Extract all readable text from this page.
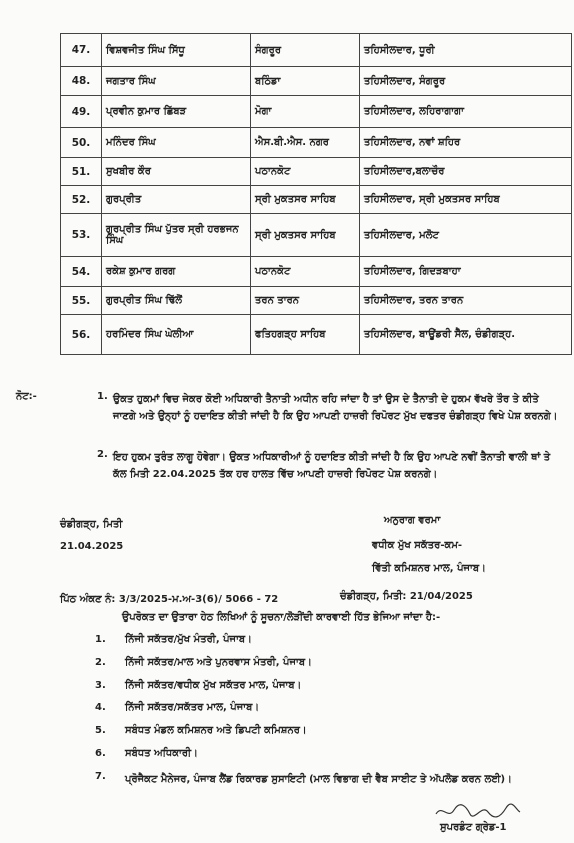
47.	ਵਿਸ਼ਵਜੀਤ ਸਿੰਘ ਸਿੱਧੂ	ਸੰਗਰੂਰ	ਤਹਿਸੀਲਦਾਰ, ਧੂਰੀ
48.	ਜਗਤਾਰ ਸਿੰਘ	ਬਠਿੰਡਾ	ਤਹਿਸੀਲਦਾਰ, ਸੰਗਰੂਰ
49.	ਪ੍ਰਵੀਨ ਕੁਮਾਰ ਛਿੱਬੜ	ਮੋਗਾ	ਤਹਿਸੀਲਦਾਰ, ਲਹਿਰਾਗਾਗਾ
50.	ਮਨਿੰਦਰ ਸਿੰਘ	ਐਸ.ਬੀ.ਐਸ. ਨਗਰ	ਤਹਿਸੀਲਦਾਰ, ਨਵਾਂ ਸ਼ਹਿਰ
51.	ਸੁਖਬੀਰ ਕੌਰ	ਪਠਾਨਕੋਟ	ਤਹਿਸੀਲਦਾਰ,ਬਲਾਚੌਰ
52.	ਗੁਰਪ੍ਰੀਤ	ਸ੍ਰੀ ਮੁਕਤਸਰ ਸਾਹਿਬ	ਤਹਿਸੀਲਦਾਰ, ਸ੍ਰੀ ਮੁਕਤਸਰ ਸਾਹਿਬ
53.	ਗੁਰਪ੍ਰੀਤ ਸਿੰਘ ਪੁੱਤਰ ਸ੍ਰੀ ਹਰਭਜਨ ਸਿੰਘ	ਸ੍ਰੀ ਮੁਕਤਸਰ ਸਾਹਿਬ	ਤਹਿਸੀਲਦਾਰ, ਮਲੋਟ
54.	ਰਕੇਸ਼ ਕੁਮਾਰ ਗਰਗ	ਪਠਾਨਕੋਟ	ਤਹਿਸੀਲਦਾਰ, ਗਿਦੜਬਾਹਾ
55.	ਗੁਰਪ੍ਰੀਤ ਸਿੰਘ ਢਿੱਲੋਂ	ਤਰਨ ਤਾਰਨ	ਤਹਿਸੀਲਦਾਰ, ਤਰਨ ਤਾਰਨ
56.	ਹਰਮਿੰਦਰ ਸਿੰਘ ਘੇਲੀਆ	ਫਤਿਹਗੜ੍ਹ ਸਾਹਿਬ	ਤਹਿਸੀਲਦਾਰ, ਬਾਊਂਡਰੀ ਸੈੱਲ, ਚੰਡੀਗੜ੍ਹ.
ਨੋਟ:-	1. ਉਕਤ ਹੁਕਮਾਂ ਵਿਚ ਜੇਕਰ ਕੋਈ ਅਧਿਕਾਰੀ ਤੈਨਾਤੀ ਅਧੀਨ ਰਹਿ ਜਾਂਦਾ ਹੈ ਤਾਂ ਉਸ ਦੇ ਤੈਨਾਤੀ ਦੇ ਹੁਕਮ ਵੱਖਰੇ ਤੌਰ ਤੇ ਕੀਤੇ ਜਾਣਗੇ ਅਤੇ ਉਨ੍ਹਾਂ ਨੂੰ ਹਦਾਇਤ ਕੀਤੀ ਜਾਂਦੀ ਹੈ ਕਿ ਉਹ ਆਪਣੀ ਹਾਜ਼ਰੀ ਰਿਪੋਰਟ ਮੁੱਖ ਦਫਤਰ ਚੰਡੀਗੜ੍ਹ ਵਿਖੇ ਪੇਸ਼ ਕਰਨਗੇ।
2. ਇਹ ਹੁਕਮ ਤੁਰੰਤ ਲਾਗੂ ਹੋਵੇਗਾ। ਉਕਤ ਅਧਿਕਾਰੀਆਂ ਨੂੰ ਹਦਾਇਤ ਕੀਤੀ ਜਾਂਦੀ ਹੈ ਕਿ ਉਹ ਆਪਣੇ ਨਵੀਂ ਤੈਨਾਤੀ ਵਾਲੀ ਥਾਂ ਤੇ ਕੱਲ ਮਿਤੀ 22.04.2025 ਤੱਕ ਹਰ ਹਾਲਤ ਵਿੱਚ ਆਪਣੀ ਹਾਜ਼ਰੀ ਰਿਪੋਰਟ ਪੇਸ਼ ਕਰਨਗੇ।
ਚੰਡੀਗੜ੍ਹ, ਮਿਤੀ
21.04.2025
ਅਨੁਰਾਗ ਵਰਮਾ
ਵਧੀਕ ਮੁੱਖ ਸਕੱਤਰ-ਕਮ-
ਵਿੱਤੀ ਕਮਿਸ਼ਨਰ ਮਾਲ, ਪੰਜਾਬ।
ਪਿੱਠ ਅੰਕਣ ਨੰ: 3/3/2025-ਮ.ਅ-3(6)/ 5066 - 72	ਚੰਡੀਗੜ੍ਹ, ਮਿਤੀ: 21/04/2025
ਉਪਰੋਕਤ ਦਾ ਉਤਾਰਾ ਹੇਠ ਲਿਖਿਆਂ ਨੂੰ ਸੂਚਨਾ/ਲੋੜੀਂਦੀ ਕਾਰਵਾਈ ਹਿੱਤ ਭੇਜਿਆ ਜਾਂਦਾ ਹੈ:-
1. ਨਿੱਜੀ ਸਕੱਤਰ/ਮੁੱਖ ਮੰਤਰੀ, ਪੰਜਾਬ।
2. ਨਿੱਜੀ ਸਕੱਤਰ/ਮਾਲ ਅਤੇ ਪੁਨਰਵਾਸ ਮੰਤਰੀ, ਪੰਜਾਬ।
3. ਨਿੱਜੀ ਸਕੱਤਰ/ਵਧੀਕ ਮੁੱਖ ਸਕੱਤਰ ਮਾਲ, ਪੰਜਾਬ।
4. ਨਿੱਜੀ ਸਕੱਤਰ/ਸਕੱਤਰ ਮਾਲ, ਪੰਜਾਬ।
5. ਸਬੰਧਤ ਮੰਡਲ ਕਮਿਸ਼ਨਰ ਅਤੇ ਡਿਪਟੀ ਕਮਿਸ਼ਨਰ।
6. ਸਬੰਧਤ ਅਧਿਕਾਰੀ।
7. ਪ੍ਰੋਜੈਕਟ ਮੈਨੇਜਰ, ਪੰਜਾਬ ਲੈਂਡ ਰਿਕਾਰਡ ਸੁਸਾਇਟੀ (ਮਾਲ ਵਿਭਾਗ ਦੀ ਵੈਬ ਸਾਈਟ ਤੇ ਅੱਪਲੋਡ ਕਰਨ ਲਈ)।
ਸੁਪਰਡੰਟ ਗ੍ਰੇਡ-1
